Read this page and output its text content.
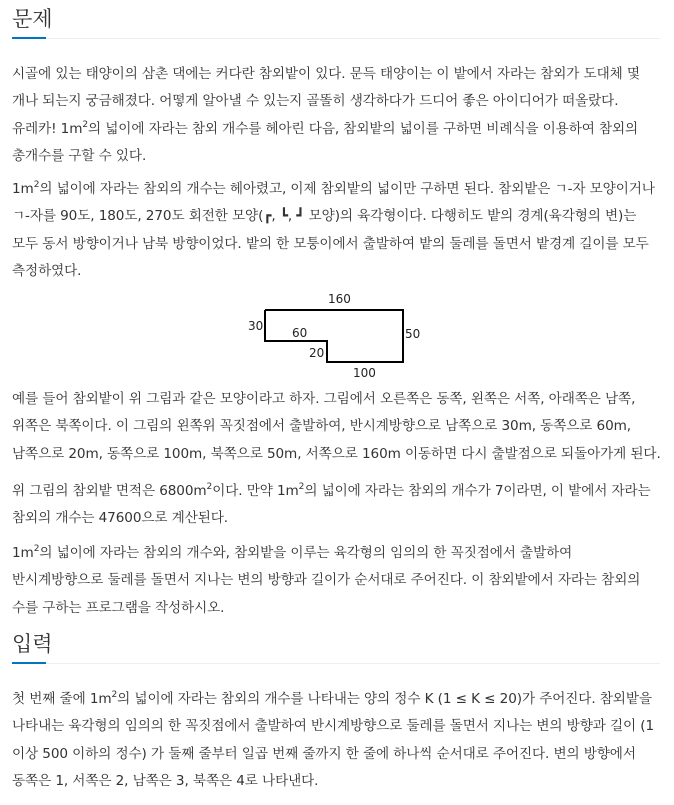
문제

시골에 있는 태양이의 삼촌 댁에는 커다란 참외밭이 있다. 문득 태양이는 이 밭에서 자라는 참외가 도대체 몇 개나 되는지 궁금해졌다. 어떻게 알아낼 수 있는지 골똘히 생각하다가 드디어 좋은 아이디어가 떠올랐다. 유레카! $1m^2$의 넓이에 자라는 참외 개수를 헤아린 다음, 참외밭의 넓이를 구하면 비례식을 이용하여 참외의 총개수를 구할 수 있다.

$1m^2$의 넓이에 자라는 참외의 개수는 헤아렸고, 이제 참외밭의 넓이만 구하면 된다. 참외밭은 ㄱ-자 모양이거나 ㄱ-자를 90도, 180도, 270도 회전한 모양(┏, ┗, ┛ 모양)의 육각형이다. 다행히도 밭의 경계(육각형의 변)는 모두 동서 방향이거나 남북 방향이었다. 밭의 한 모퉁이에서 출발하여 밭의 둘레를 돌면서 밭경계 길이를 모두 측정하였다.

160
30 60
20
100
50

예를 들어 참외밭이 위 그림과 같은 모양이라고 하자. 그림에서 오른쪽은 동쪽, 왼쪽은 서쪽, 아래쪽은 남쪽, 위쪽은 북쪽이다. 이 그림의 왼쪽위 꼭짓점에서 출발하여, 반시계방향으로 남쪽으로 30m, 동쪽으로 60m, 남쪽으로 20m, 동쪽으로 100m, 북쪽으로 50m, 서쪽으로 160m 이동하면 다시 출발점으로 되돌아가게 된다.

위 그림의 참외밭 면적은 $6800m^2$이다. 만약 $1m^2$의 넓이에 자라는 참외의 개수가 7이라면, 이 밭에서 자라는 참외의 개수는 47600으로 계산된다.

$1m^2$의 넓이에 자라는 참외의 개수와, 참외밭을 이루는 육각형의 임의의 한 꼭짓점에서 출발하여 반시계방향으로 둘레를 돌면서 지나는 변의 방향과 길이가 순서대로 주어진다. 이 참외밭에서 자라는 참외의 수를 구하는 프로그램을 작성하시오.

입력

첫 번째 줄에 $1m^2$의 넓이에 자라는 참외의 개수를 나타내는 양의 정수 K (1 ≤ K ≤ 20)가 주어진다. 참외밭을 나타내는 육각형의 임의의 한 꼭짓점에서 출발하여 반시계방향으로 둘레를 돌면서 지나는 변의 방향과 길이 (1 이상 500 이하의 정수) 가 둘째 줄부터 일곱 번째 줄까지 한 줄에 하나씩 순서대로 주어진다. 변의 방향에서 동쪽은 1, 서쪽은 2, 남쪽은 3, 북쪽은 4로 나타낸다.
